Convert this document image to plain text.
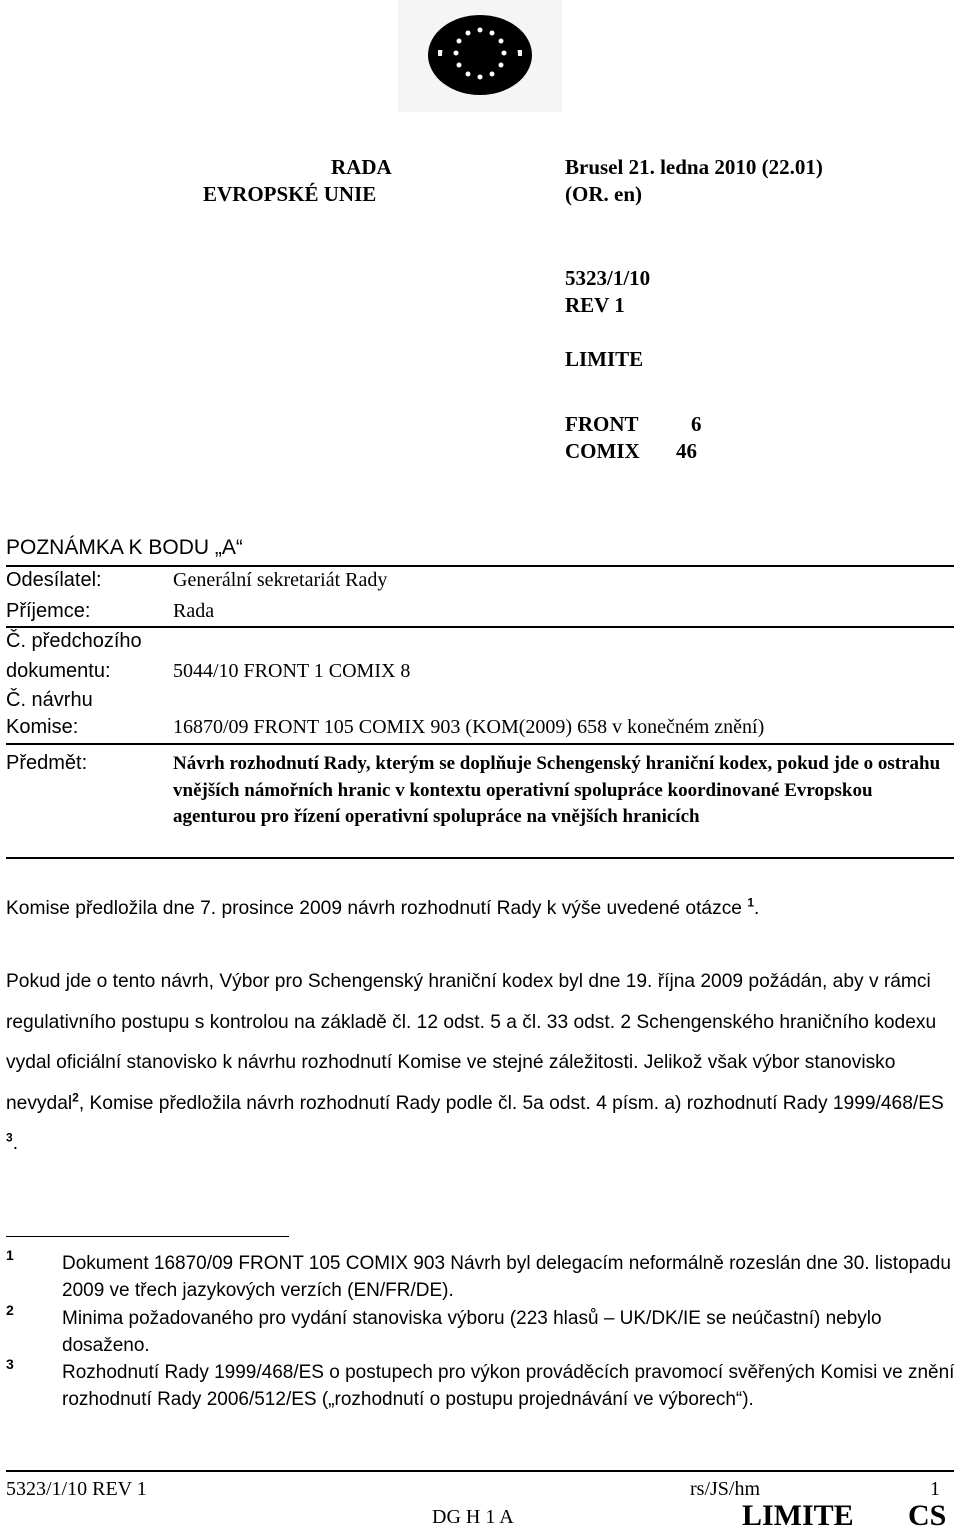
RADA
EVROPSKÉ UNIE
Brusel 21. ledna 2010 (22.01)
(OR. en)
5323/1/10
REV 1
LIMITE
FRONT	6
COMIX 46
POZNÁMKA K BODU „A“
Odesílatel:	Generální sekretariát Rady
Příjemce:	Rada
Č. předchozího
dokumentu:	5044/10 FRONT 1 COMIX 8
Č. návrhu
Komise:	16870/09 FRONT 105 COMIX 903 (KOM(2009) 658 v konečném znění)
Předmět:	Návrh rozhodnutí Rady, kterým se doplňuje Schengenský hraniční kodex, pokud jde o ostrahu vnějších námořních hranic v kontextu operativní spolupráce koordinované Evropskou agenturou pro řízení operativní spolupráce na vnějších hranicích
Komise předložila dne 7. prosince 2009 návrh rozhodnutí Rady k výše uvedené otázce $^1$.
Pokud jde o tento návrh, Výbor pro Schengenský hraniční kodex byl dne 19. října 2009 požádán, aby v rámci regulativního postupu s kontrolou na základě čl. 12 odst. 5 a čl. 33 odst. 2 Schengenského hraničního kodexu vydal oficiální stanovisko k návrhu rozhodnutí Komise ve stejné záležitosti. Jelikož však výbor stanovisko nevydal$^2$, Komise předložila návrh rozhodnutí Rady podle čl. 5a odst. 4 písm. a) rozhodnutí Rady 1999/468/ES $^3$.
1	Dokument 16870/09 FRONT 105 COMIX 903 Návrh byl delegacím neformálně rozeslán dne 30. listopadu 2009 ve třech jazykových verzích (EN/FR/DE).
2	Minima požadovaného pro vydání stanoviska výboru (223 hlasů – UK/DK/IE se neúčastní) nebylo dosaženo.
3	Rozhodnutí Rady 1999/468/ES o postupech pro výkon prováděcích pravomocí svěřených Komisi ve znění rozhodnutí Rady 2006/512/ES („rozhodnutí o postupu projednávání ve výborech“).
5323/1/10 REV 1	rs/JS/hm	1
DG H 1 A	LIMITE CS
